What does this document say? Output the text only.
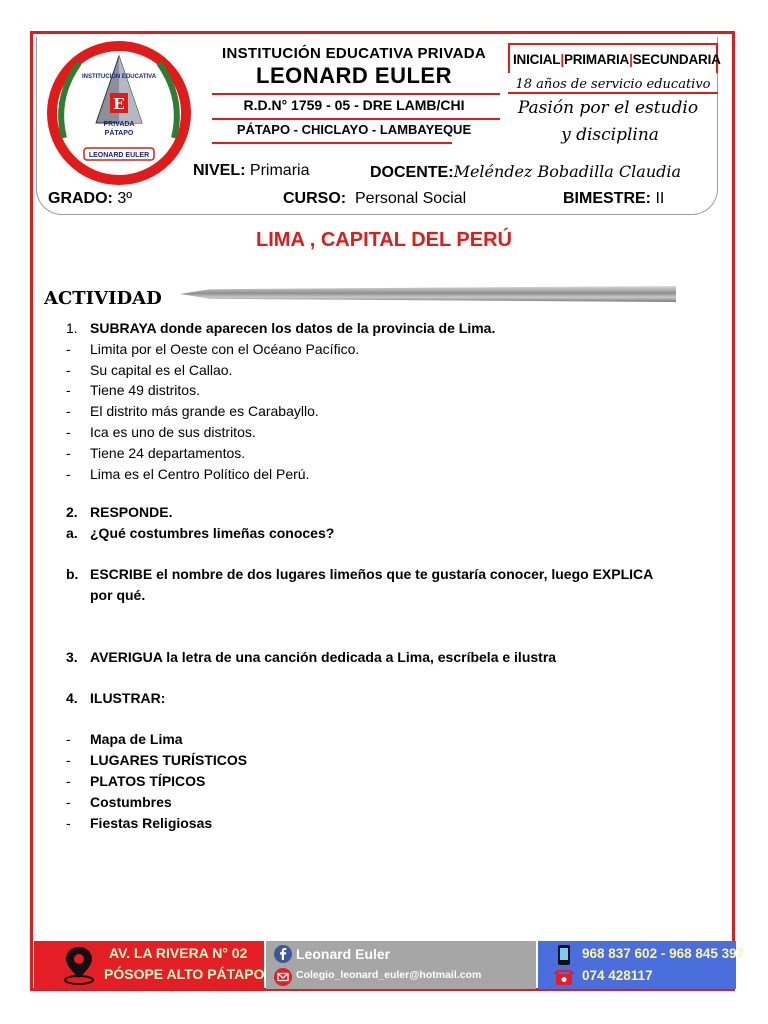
E
PRIVADA
PÁTAPO
INSTITUCIÓN EDUCATIVA
LEONARD EULER
INSTITUCIÓN EDUCATIVA PRIVADA
LEONARD EULER
R.D.N° 1759 - 05 - DRE LAMB/CHI
PÁTAPO - CHICLAYO - LAMBAYEQUE
INICIAL|PRIMARIA|SECUNDARIA
18 años de servicio educativo
Pasión por el estudio
y disciplina
NIVEL: Primaria	DOCENTE:Meléndez Bobadilla Claudia
GRADO: 3º	CURSO: Personal Social	BIMESTRE: II
LIMA , CAPITAL DEL PERÚ
ACTIVIDAD
1. SUBRAYA donde aparecen los datos de la provincia de Lima.
- Limita por el Oeste con el Océano Pacífico.
- Su capital es el Callao.
- Tiene 49 distritos.
- El distrito más grande es Carabayllo.
- Ica es uno de sus distritos.
- Tiene 24 departamentos.
- Lima es el Centro Político del Perú.
2. RESPONDE.
a. ¿Qué costumbres limeñas conoces?
b. ESCRIBE el nombre de dos lugares limeños que te gustaría conocer, luego EXPLICA
por qué.
3. AVERIGUA la letra de una canción dedicada a Lima, escríbela e ilustra
4. ILUSTRAR:
- Mapa de Lima
- LUGARES TURÍSTICOS
- PLATOS TÍPICOS
- Costumbres
- Fiestas Religiosas
AV. LA RIVERA N° 02
PÓSOPE ALTO PÁTAPO
Leonard Euler
Colegio_leonard_euler@hotmail.com
968 837 602 - 968 845 397
074 428117
